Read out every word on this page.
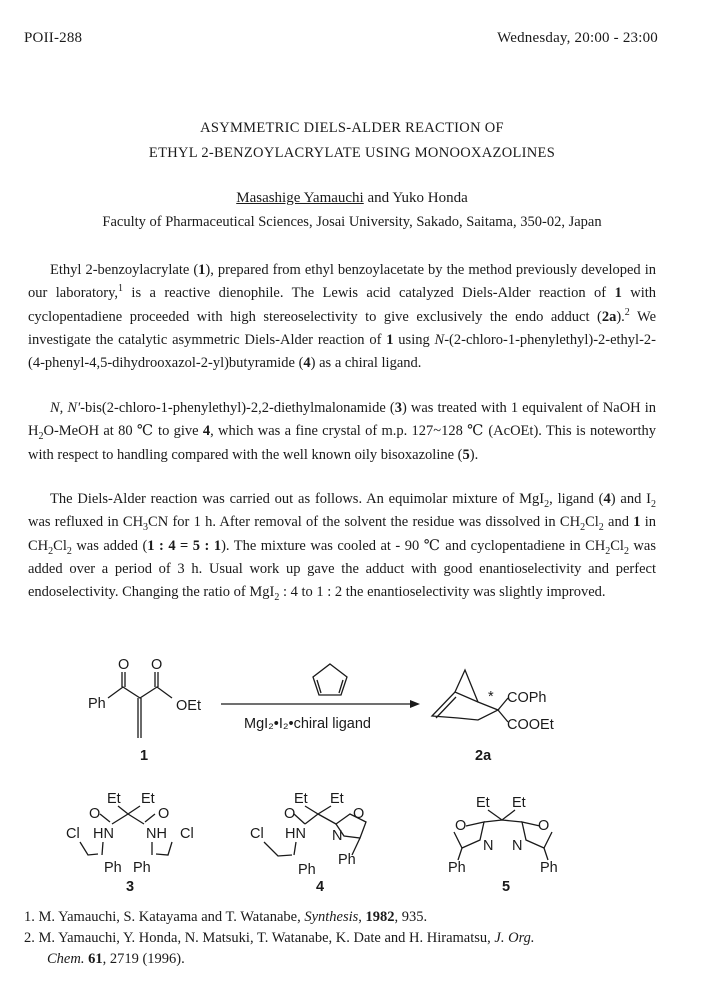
POII-288	Wednesday, 20:00 - 23:00
ASYMMETRIC DIELS-ALDER REACTION OF
ETHYL 2-BENZOYLACRYLATE USING MONOOXAZOLINES
Masashige Yamauchi and Yuko Honda
Faculty of Pharmaceutical Sciences, Josai University, Sakado, Saitama, 350-02, Japan
Ethyl 2-benzoylacrylate (1), prepared from ethyl benzoylacetate by the method previously developed in our laboratory,$^1$ is a reactive dienophile. The Lewis acid catalyzed Diels-Alder reaction of 1 with cyclopentadiene proceeded with high stereoselectivity to give exclusively the endo adduct (2a).$^2$ We investigate the catalytic asymmetric Diels-Alder reaction of 1 using N-(2-chloro-1-phenylethyl)-2-ethyl-2-(4-phenyl-4,5-dihydrooxazol-2-yl)butyramide (4) as a chiral ligand.
N, N'-bis(2-chloro-1-phenylethyl)-2,2-diethylmalonamide (3) was treated with 1 equivalent of NaOH in $H_2O$-MeOH at 80 ℃ to give 4, which was a fine crystal of m.p. 127~128 ℃ (AcOEt). This is noteworthy with respect to handling compared with the well known oily bisoxazoline (5).
The Diels-Alder reaction was carried out as follows. An equimolar mixture of MgI$_2$, ligand (4) and $I_2$ was refluxed in $CH_3CN$ for 1 h. After removal of the solvent the residue was dissolved in $CH_2Cl_2$ and 1 in $CH_2Cl_2$ was added (1 : 4 = 5 : 1). The mixture was cooled at - 90 ℃ and cyclopentadiene in $CH_2Cl_2$ was added over a period of 3 h. Usual work up gave the adduct with good enantioselectivity and perfect endoselectivity. Changing the ratio of MgI$_2$ : 4 to 1 : 2 the enantioselectivity was slightly improved.
O O
Ph	OEt
1
MgI₂•I₂•chiral ligand
* COPh
COOEt
2a
Et Et
O	O
Cl HN NH Cl
Ph Ph
3
Et Et
O	O
Cl HN N
Ph
Ph
4
Et Et
O	O
N N
Ph	Ph
5
1. M. Yamauchi, S. Katayama and T. Watanabe, Synthesis, 1982, 935.
2. M. Yamauchi, Y. Honda, N. Matsuki, T. Watanabe, K. Date and H. Hiramatsu, J. Org.
Chem. 61, 2719 (1996).
